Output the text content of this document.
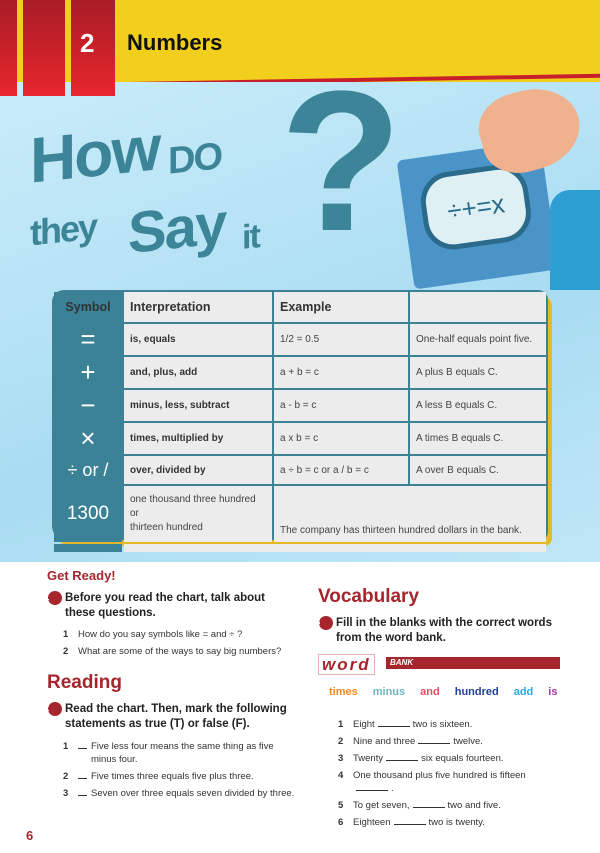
2 Numbers
?
How DO
they Say it
÷+=x
Symbol	Interpretation	Example	
=	is, equals	1/2 = 0.5	One-half equals point five.
+	and, plus, add	a + b = c	A plus B equals C.
−	minus, less, subtract	a - b = c	A less B equals C.
×	times, multiplied by	a x b = c	A times B equals C.
÷ or /	over, divided by	a ÷ b = c or a / b = c	A over B equals C.
1300	one thousand three hundred
or
thirteen hundred	The company has thirteen hundred dollars in the bank.	

Get Ready!
1 Before you read the chart, talk about these questions.
1	How do you say symbols like = and ÷ ?
2	What are some of the ways to say big numbers?
Reading
2 Read the chart. Then, mark the following statements as true (T) or false (F).
1	Five less four means the same thing as five minus four.
2	Five times three equals five plus three.
3	Seven over three equals seven divided by three.
Vocabulary
3 Fill in the blanks with the correct words from the word bank.
word	BANK
times minus and hundred add is
1	Eight	two is sixteen.
2	Nine and three	twelve.
3	Twenty	six equals fourteen.
4	One thousand plus five hundred is fifteen.
5	To get seven,	two and five.
6	Eighteen	two is twenty.
6
